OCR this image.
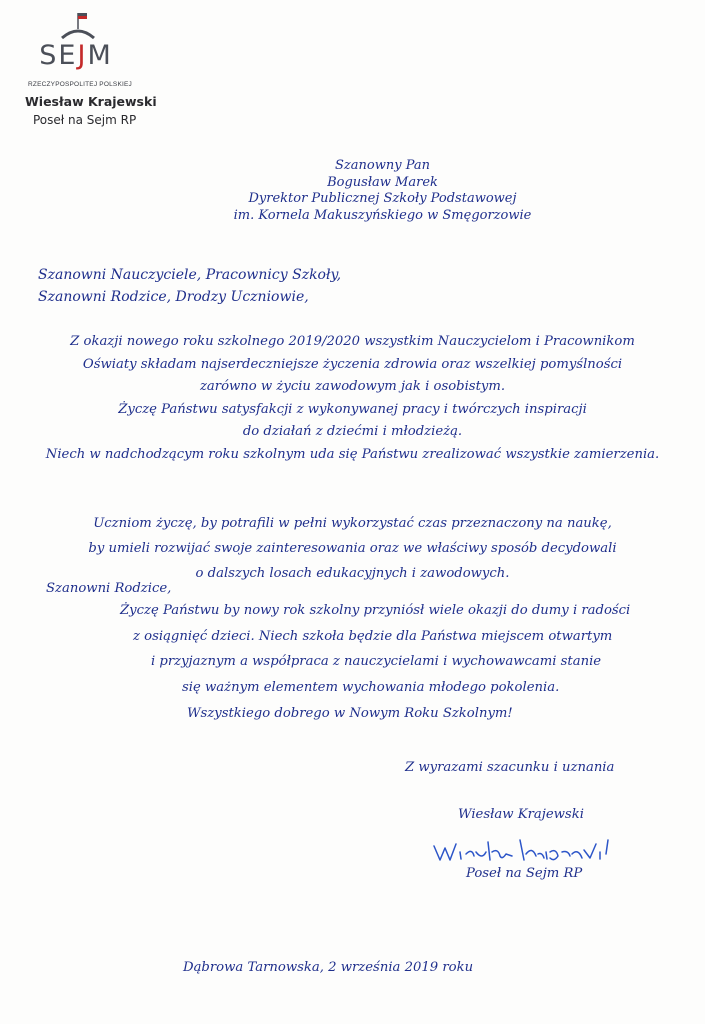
SEJM
RZECZYPOSPOLITEJ POLSKIEJ
Wiesław Krajewski
Poseł na Sejm RP
Szanowny Pan
Bogusław Marek
Dyrektor Publicznej Szkoły Podstawowej
im. Kornela Makuszyńskiego w Smęgorzowie
Szanowni Nauczyciele, Pracownicy Szkoły,
Szanowni Rodzice, Drodzy Uczniowie,
Z okazji nowego roku szkolnego 2019/2020 wszystkim Nauczycielom i Pracownikom
Oświaty składam najserdeczniejsze życzenia zdrowia oraz wszelkiej pomyślności
zarówno w życiu zawodowym jak i osobistym.
Życzę Państwu satysfakcji z wykonywanej pracy i twórczych inspiracji
do działań z dziećmi i młodzieżą.
Niech w nadchodzącym roku szkolnym uda się Państwu zrealizować wszystkie zamierzenia.
Uczniom życzę, by potrafili w pełni wykorzystać czas przeznaczony na naukę,
by umieli rozwijać swoje zainteresowania oraz we właściwy sposób decydowali
o dalszych losach edukacyjnych i zawodowych.
Szanowni Rodzice,
Życzę Państwu by nowy rok szkolny przyniósł wiele okazji do dumy i radości
z osiągnięć dzieci. Niech szkoła będzie dla Państwa miejscem otwartym
i przyjaznym a współpraca z nauczycielami i wychowawcami stanie
się ważnym elementem wychowania młodego pokolenia.
Wszystkiego dobrego w Nowym Roku Szkolnym!
Z wyrazami szacunku i uznania
Wiesław Krajewski
Poseł na Sejm RP
Dąbrowa Tarnowska, 2 września 2019 roku
